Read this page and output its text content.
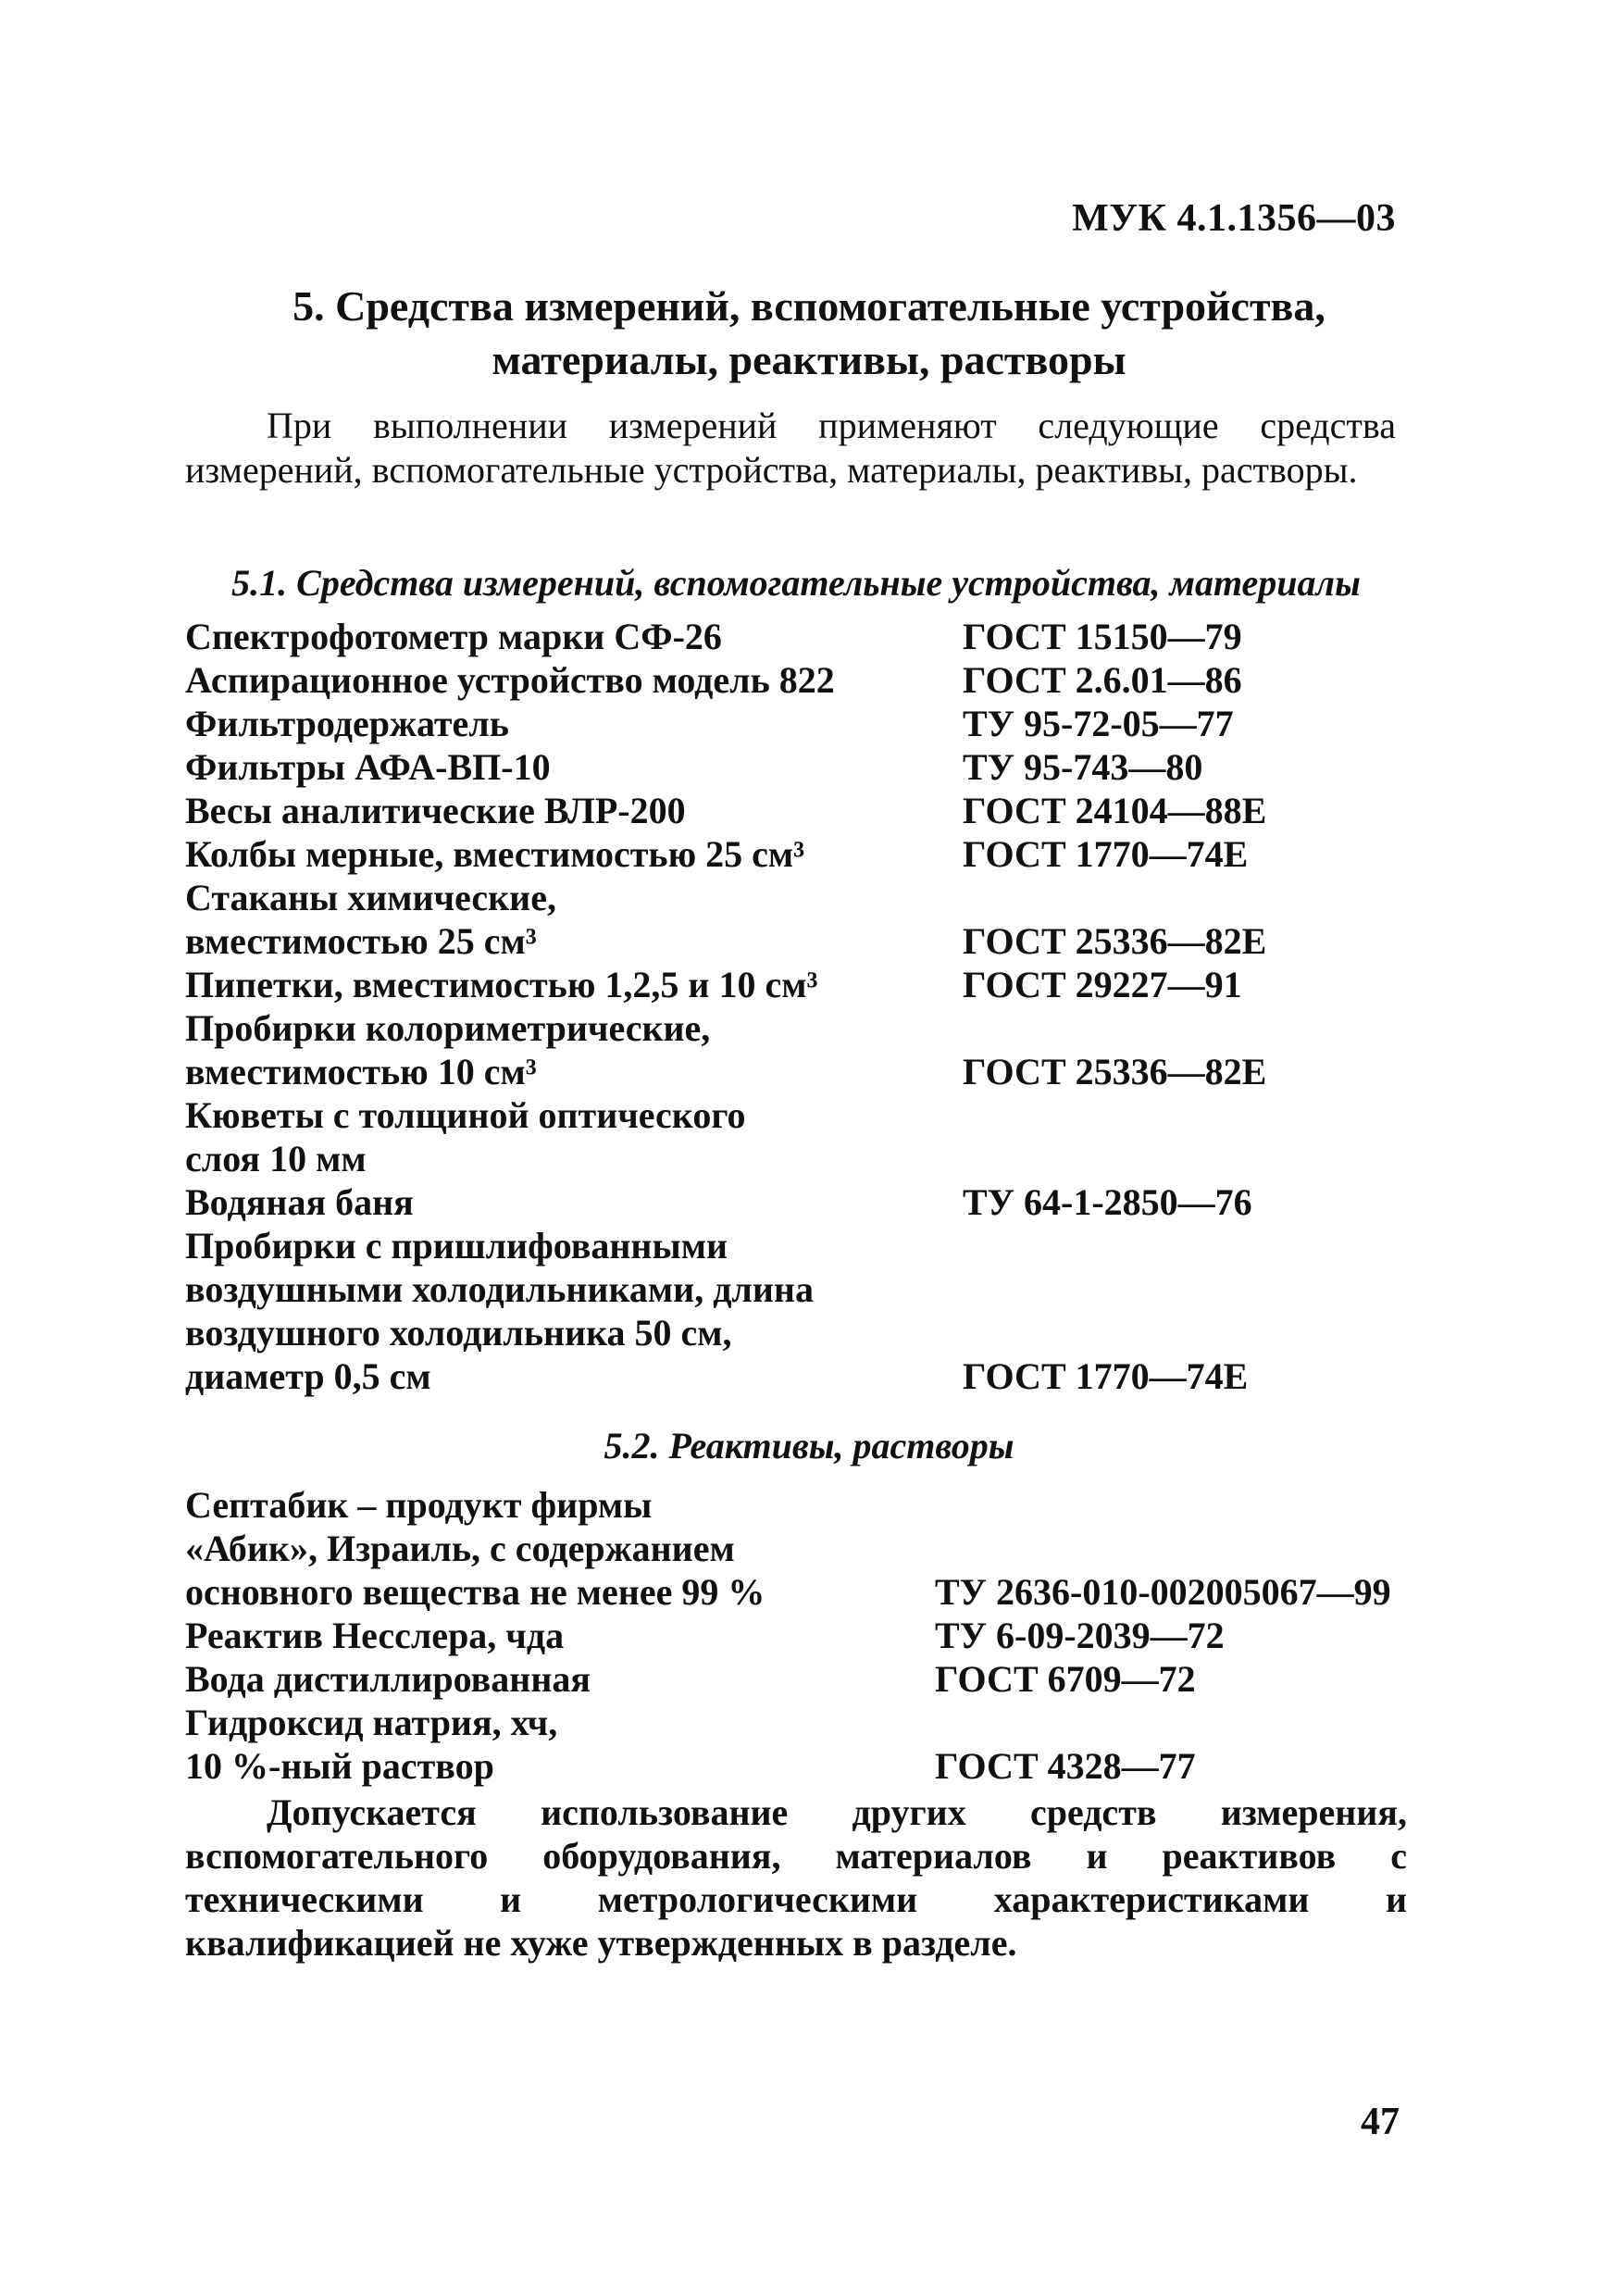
МУК 4.1.1356—03
5. Средства измерений, вспомогательные устройства,
материалы, реактивы, растворы

При выполнении измерений применяют следующие средства измерений, вспомогательные устройства, материалы, реактивы, растворы.

5.1. Средства измерений, вспомогательные устройства, материалы
Спектрофотометр марки СФ-26	ГОСТ 15150—79
Аспирационное устройство модель 822	ГОСТ 2.6.01—86
Фильтродержатель	ТУ 95-72-05—77
Фильтры АФА-ВП-10	ТУ 95-743—80
Весы аналитические ВЛР-200	ГОСТ 24104—88Е
Колбы мерные, вместимостью 25 см³	ГОСТ 1770—74Е
Стаканы химические,
вместимостью 25 см³	ГОСТ 25336—82Е
Пипетки, вместимостью 1,2,5 и 10 см³	ГОСТ 29227—91
Пробирки колориметрические,
вместимостью 10 см³	ГОСТ 25336—82Е
Кюветы с толщиной оптического
слоя 10 мм
Водяная баня	ТУ 64-1-2850—76
Пробирки с пришлифованными
воздушными холодильниками, длина
воздушного холодильника 50 см,
диаметр 0,5 см	ГОСТ 1770—74Е
5.2. Реактивы, растворы
Септабик – продукт фирмы
«Абик», Израиль, с содержанием
основного вещества не менее 99 %	ТУ 2636-010-002005067—99
Реактив Несслера, чда	ТУ 6-09-2039—72
Вода дистиллированная	ГОСТ 6709—72
Гидроксид натрия, хч,
10 %-ный раствор	ГОСТ 4328—77

Допускается использование других средств измерения, вспомогательного оборудования, материалов и реактивов с техническими и метрологическими характеристиками и квалификацией не хуже утвержденных в разделе.

47
